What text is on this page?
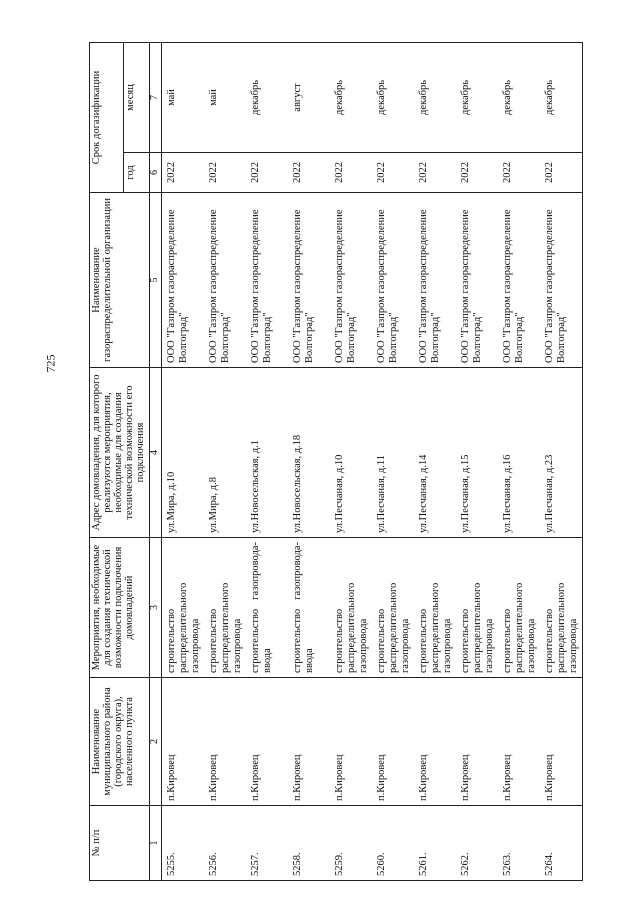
725
№ п/п	Наименование муниципального района (городского округа), населенного пункта	Мероприятия, необходимые для создания технической возможности подключения домовладений	Адрес домовладения, для которого реализуются мероприятия, необходимые для создания технической возможности его подключения	Наименование газораспределительной организации	Срок догазификации	
					год	месяц
1	2	3	4	5	6	7
5255.	п.Кировец	строительство распределительного газопровода	ул.Мира, д.10	ООО "Газпром газораспределение Волгоград"	2022	май
5256.	п.Кировец	строительство распределительного газопровода	ул.Мира, д.8	ООО "Газпром газораспределение Волгоград"	2022	май
5257.	п.Кировец	строительство газопровода-ввода	ул.Новосельская, д.1	ООО "Газпром газораспределение Волгоград"	2022	декабрь
5258.	п.Кировец	строительство газопровода-ввода	ул.Новосельская, д.18	ООО "Газпром газораспределение Волгоград"	2022	август
5259.	п.Кировец	строительство распределительного газопровода	ул.Песчаная, д.10	ООО "Газпром газораспределение Волгоград"	2022	декабрь
5260.	п.Кировец	строительство распределительного газопровода	ул.Песчаная, д.11	ООО "Газпром газораспределение Волгоград"	2022	декабрь
5261.	п.Кировец	строительство распределительного газопровода	ул.Песчаная, д.14	ООО "Газпром газораспределение Волгоград"	2022	декабрь
5262.	п.Кировец	строительство распределительного газопровода	ул.Песчаная, д.15	ООО "Газпром газораспределение Волгоград"	2022	декабрь
5263.	п.Кировец	строительство распределительного газопровода	ул.Песчаная, д.16	ООО "Газпром газораспределение Волгоград"	2022	декабрь
5264.	п.Кировец	строительство распределительного газопровода	ул.Песчаная, д.23	ООО "Газпром газораспределение Волгоград"	2022	декабрь
